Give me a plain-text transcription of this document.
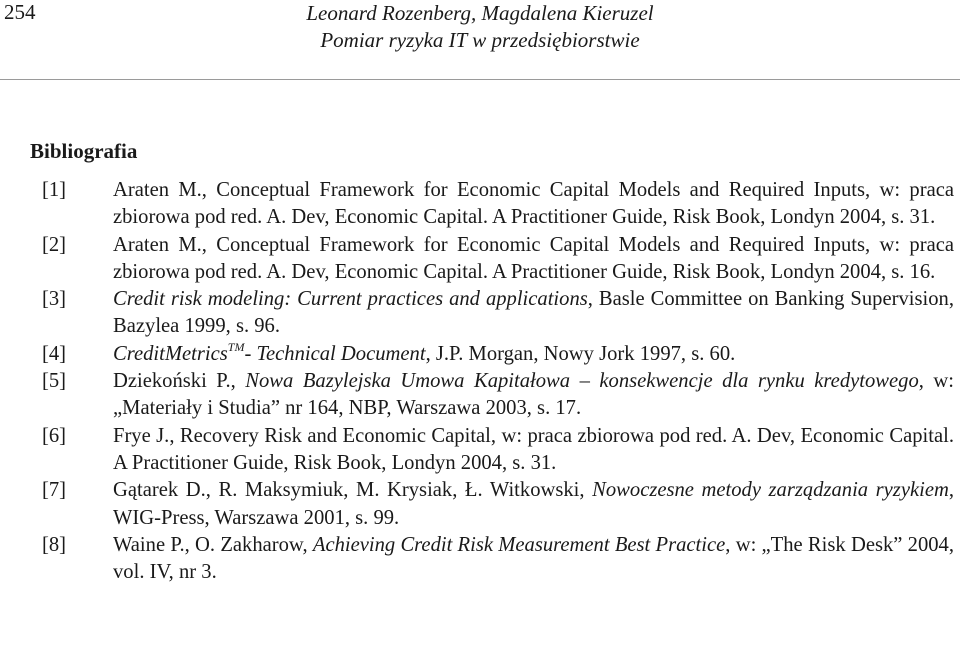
254	Leonard Rozenberg, Magdalena Kieruzel
Pomiar ryzyka IT w przedsiębiorstwie
Bibliografia
[1] Araten M., Conceptual Framework for Economic Capital Models and Required Inputs, w: praca zbiorowa pod red. A. Dev, Economic Capital. A Practitioner Guide, Risk Book, Londyn 2004, s. 31.
[2] Araten M., Conceptual Framework for Economic Capital Models and Required Inputs, w: praca zbiorowa pod red. A. Dev, Economic Capital. A Practitioner Guide, Risk Book, Londyn 2004, s. 16.
[3] Credit risk modeling: Current practices and applications, Basle Committee on Banking Supervision, Bazylea 1999, s. 96.
[4] CreditMetrics™- Technical Document, J.P. Morgan, Nowy Jork 1997, s. 60.
[5] Dziekoński P., Nowa Bazylejska Umowa Kapitałowa – konsekwencje dla rynku kredytowego, w: „Materiały i Studia” nr 164, NBP, Warszawa 2003, s. 17.
[6] Frye J., Recovery Risk and Economic Capital, w: praca zbiorowa pod red. A. Dev, Economic Capital. A Practitioner Guide, Risk Book, Londyn 2004, s. 31.
[7] Gątarek D., R. Maksymiuk, M. Krysiak, Ł. Witkowski, Nowoczesne metody zarządzania ryzykiem, WIG-Press, Warszawa 2001, s. 99.
[8] Waine P., O. Zakharow, Achieving Credit Risk Measurement Best Practice, w: „The Risk Desk” 2004, vol. IV, nr 3.
